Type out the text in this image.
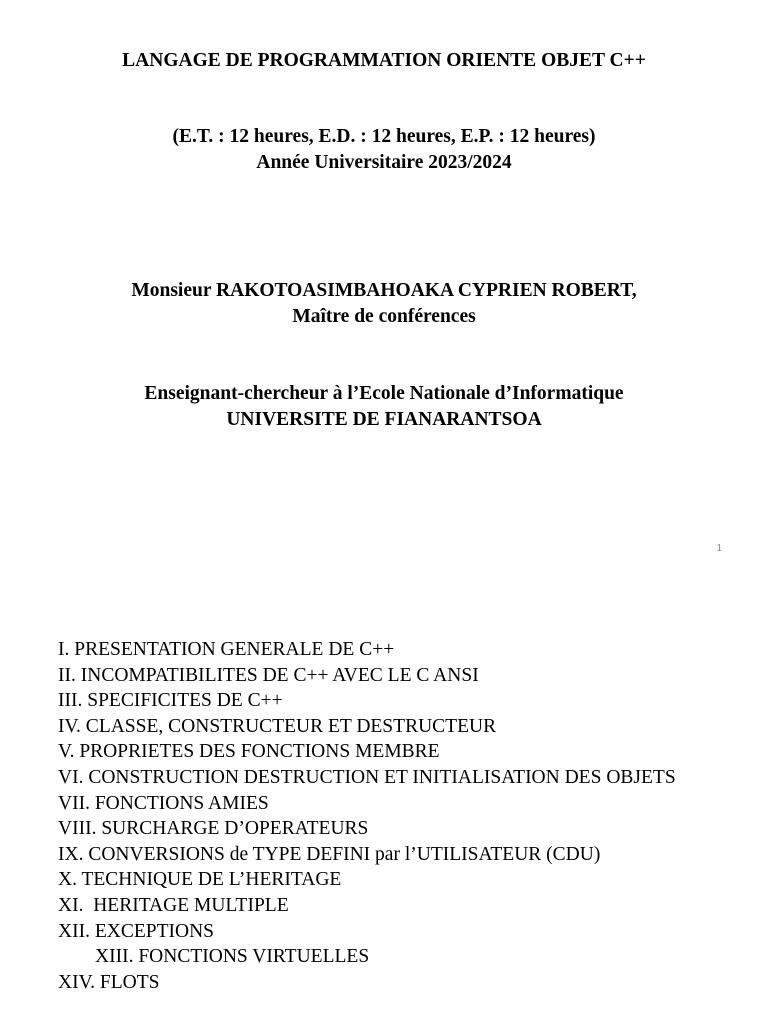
LANGAGE DE PROGRAMMATION ORIENTE OBJET C++
(E.T. : 12 heures, E.D. : 12 heures, E.P. : 12 heures)
Année Universitaire 2023/2024
Monsieur RAKOTOASIMBAHOAKA CYPRIEN ROBERT,
Maître de conférences
Enseignant-chercheur à l’Ecole Nationale d’Informatique
UNIVERSITE DE FIANARANTSOA
1
I. PRESENTATION GENERALE DE C++
II. INCOMPATIBILITES DE C++ AVEC LE C ANSI
III. SPECIFICITES DE C++
IV. CLASSE, CONSTRUCTEUR ET DESTRUCTEUR
V. PROPRIETES DES FONCTIONS MEMBRE
VI. CONSTRUCTION DESTRUCTION ET INITIALISATION DES OBJETS
VII. FONCTIONS AMIES
VIII. SURCHARGE D’OPERATEURS
IX. CONVERSIONS de TYPE DEFINI par l’UTILISATEUR (CDU)
X. TECHNIQUE DE L’HERITAGE
XI.  HERITAGE MULTIPLE
XII. EXCEPTIONS
XIII. FONCTIONS VIRTUELLES
XIV. FLOTS
